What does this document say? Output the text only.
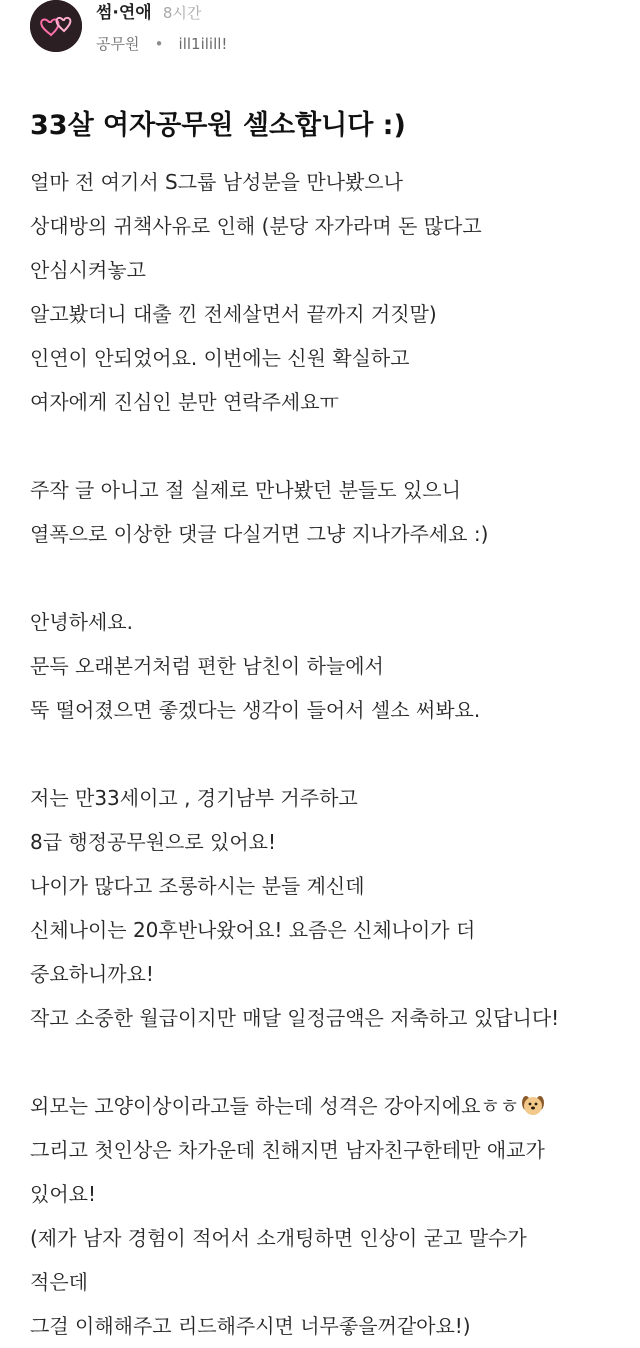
썸·연애 8시간
공무원 • ill1ilill!
33살 여자공무원 셀소합니다 :)
얼마 전 여기서 S그룹 남성분을 만나봤으나
상대방의 귀책사유로 인해 (분당 자가라며 돈 많다고
안심시켜놓고
알고봤더니 대출 낀 전세살면서 끝까지 거짓말)
인연이 안되었어요. 이번에는 신원 확실하고
여자에게 진심인 분만 연락주세요ㅠ
주작 글 아니고 절 실제로 만나봤던 분들도 있으니
열폭으로 이상한 댓글 다실거면 그냥 지나가주세요 :)
안녕하세요.
문득 오래본거처럼 편한 남친이 하늘에서
뚝 떨어졌으면 좋겠다는 생각이 들어서 셀소 써봐요.
저는 만33세이고 , 경기남부 거주하고
8급 행정공무원으로 있어요!
나이가 많다고 조롱하시는 분들 계신데
신체나이는 20후반나왔어요! 요즘은 신체나이가 더
중요하니까요!
작고 소중한 월급이지만 매달 일정금액은 저축하고 있답니다!
외모는 고양이상이라고들 하는데 성격은 강아지에요ㅎㅎ
그리고 첫인상은 차가운데 친해지면 남자친구한테만 애교가
있어요!
(제가 남자 경험이 적어서 소개팅하면 인상이 굳고 말수가
적은데
그걸 이해해주고 리드해주시면 너무좋을꺼같아요!)
